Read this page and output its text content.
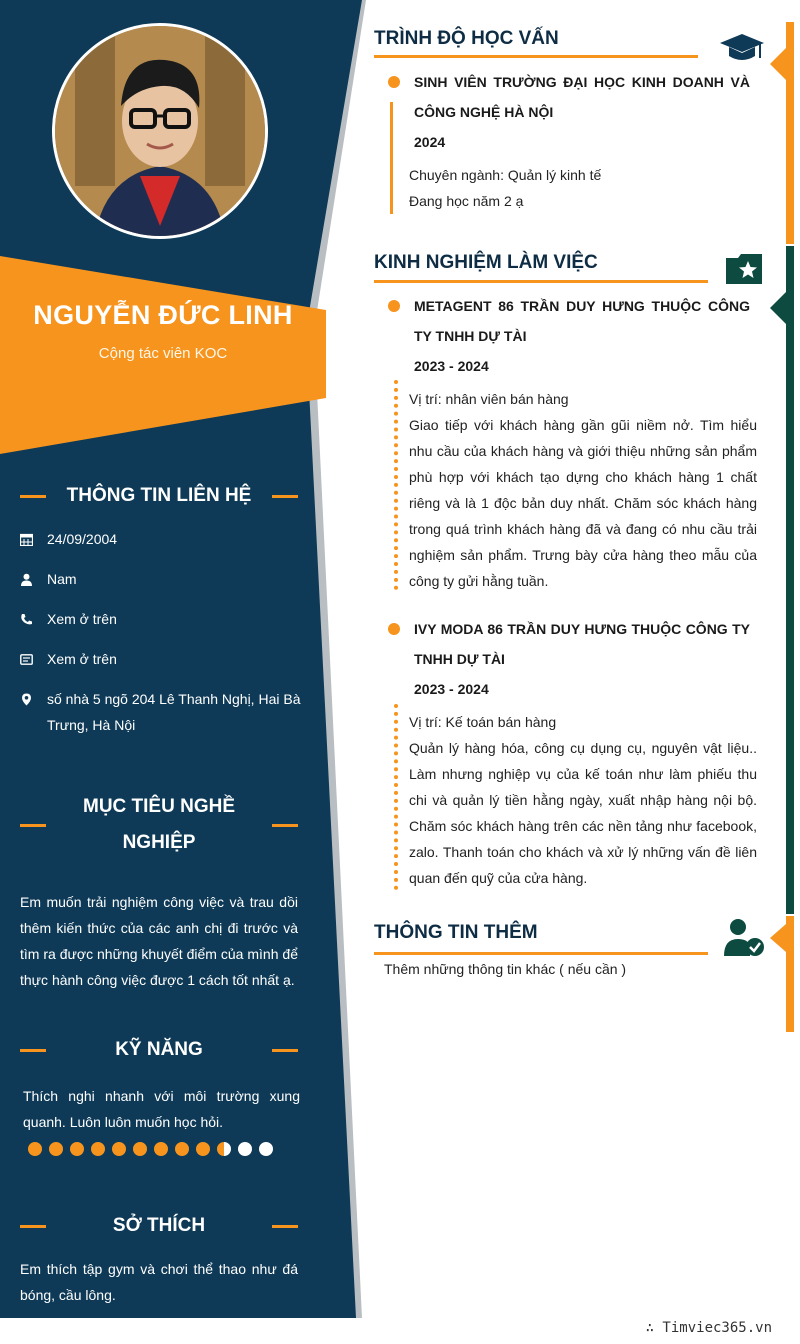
NGUYỄN ĐỨC LINH
Cộng tác viên KOC
THÔNG TIN LIÊN HỆ
24/09/2004
Nam
Xem ở trên
Xem ở trên
số nhà 5 ngõ 204 Lê Thanh Nghị, Hai Bà Trưng, Hà Nội
MỤC TIÊU NGHỀ NGHIỆP
Em muốn trải nghiệm công việc và trau dồi thêm kiến thức của các anh chị đi trước và tìm ra được những khuyết điểm của mình để thực hành công việc được 1 cách tốt nhất ạ.
KỸ NĂNG
Thích nghi nhanh với môi trường xung quanh. Luôn luôn muốn học hỏi.
SỞ THÍCH
Em thích tập gym và chơi thể thao như đá bóng, cầu lông.
TRÌNH ĐỘ HỌC VẤN
SINH VIÊN TRƯỜNG ĐẠI HỌC KINH DOANH VÀ CÔNG NGHỆ HÀ NỘI
2024
Chuyên ngành: Quản lý kinh tế
Đang học năm 2 ạ
KINH NGHIỆM LÀM VIỆC
METAGENT 86 TRẦN DUY HƯNG THUỘC CÔNG TY TNHH DỰ TÀI
2023 - 2024
Vị trí: nhân viên bán hàng
Giao tiếp với khách hàng gần gũi niềm nở. Tìm hiểu nhu cầu của khách hàng và giới thiệu những sản phẩm phù hợp với khách tạo dựng cho khách hàng 1 chất riêng và là 1 độc bản duy nhất. Chăm sóc khách hàng trong quá trình khách hàng đã và đang có nhu cầu trải nghiệm sản phẩm. Trưng bày cửa hàng theo mẫu của công ty gửi hằng tuần.
IVY MODA 86 TRẦN DUY HƯNG THUỘC CÔNG TY TNHH DỰ TÀI
2023 - 2024
Vị trí: Kế toán bán hàng
Quản lý hàng hóa, công cụ dụng cụ, nguyên vật liệu.. Làm nhưng nghiệp vụ của kế toán như làm phiếu thu chi và quản lý tiền hằng ngày, xuất nhập hàng nội bộ. Chăm sóc khách hàng trên các nền tảng như facebook, zalo. Thanh toán cho khách và xử lý những vấn đề liên quan đến quỹ của cửa hàng.
THÔNG TIN THÊM
Thêm những thông tin khác ( nếu cần )
∴ Timviec365.vn
